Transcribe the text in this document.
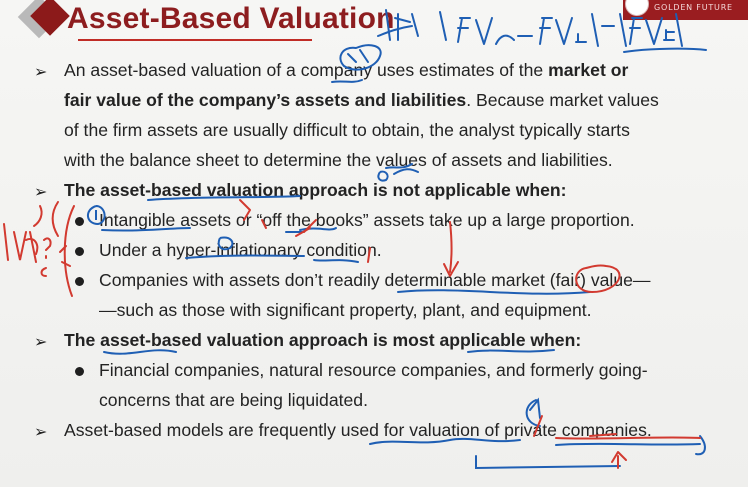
Asset-Based Valuation	GOLDEN FUTURE
➢ An asset-based valuation of a company uses estimates of the market or
fair value of the company’s assets and liabilities. Because market values
of the firm assets are usually difficult to obtain, the analyst typically starts
with the balance sheet to determine the values of assets and liabilities.
➢ The asset-based valuation approach is not applicable when:
Intangible assets or “off the books” assets take up a large proportion.
Under a hyper-inflationary condition.
Companies with assets don’t readily determinable market (fair) value—
—such as those with significant property, plant, and equipment.
➢ The asset-based valuation approach is most applicable when:
Financial companies, natural resource companies, and formerly going-
concerns that are being liquidated.
➢ Asset-based models are frequently used for valuation of private companies.
